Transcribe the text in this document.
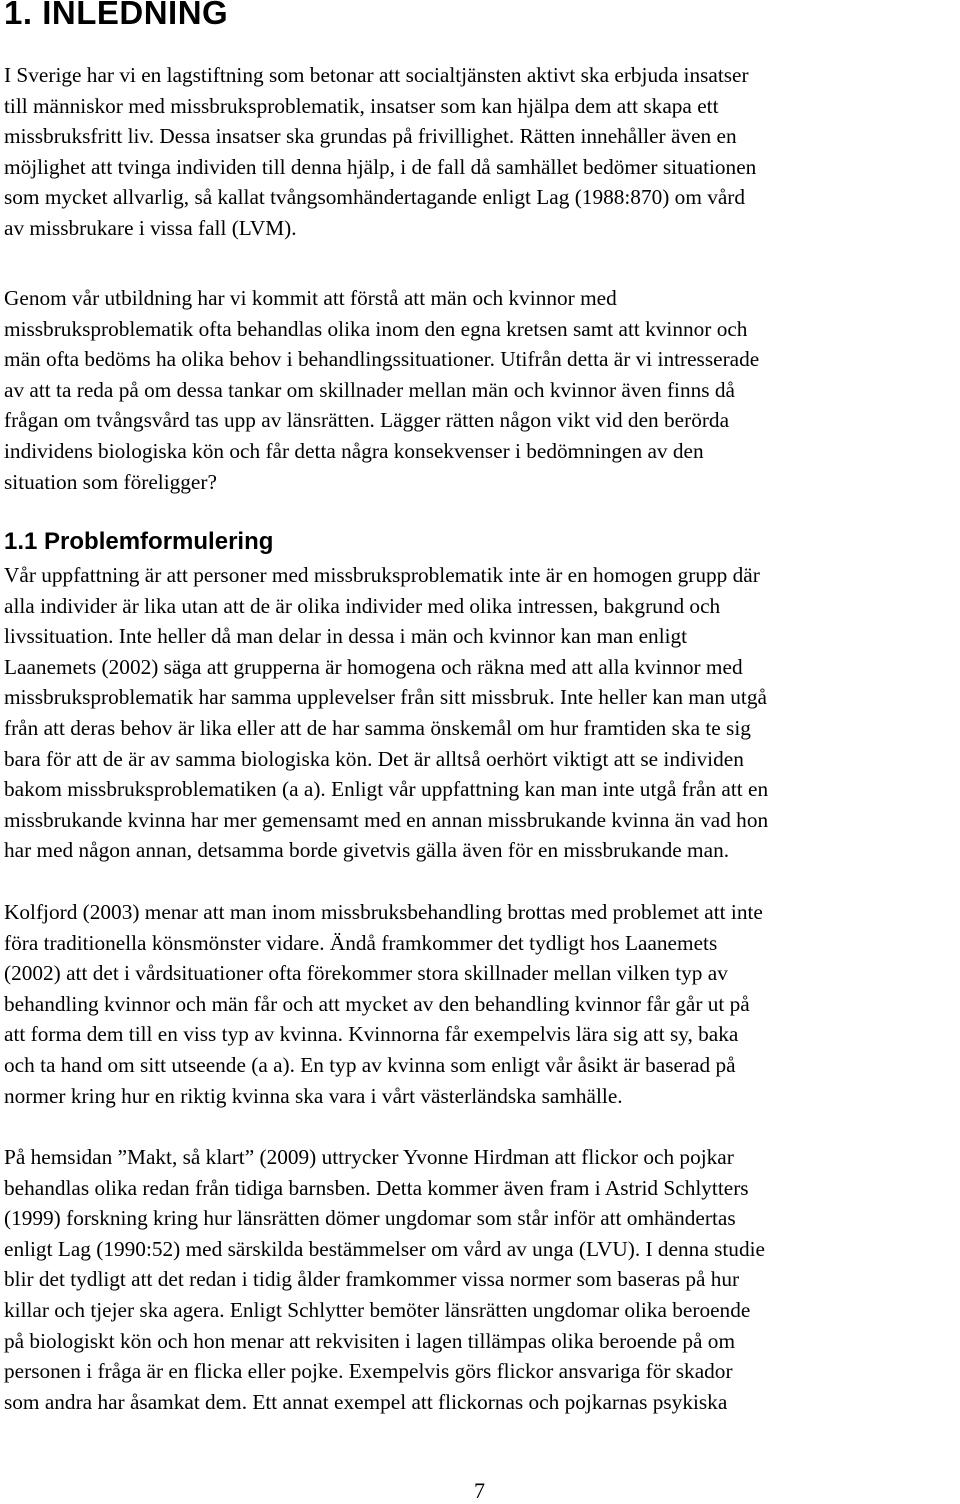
1. INLEDNING

I Sverige har vi en lagstiftning som betonar att socialtjänsten aktivt ska erbjuda insatser
till människor med missbruksproblematik, insatser som kan hjälpa dem att skapa ett
missbruksfritt liv. Dessa insatser ska grundas på frivillighet. Rätten innehåller även en
möjlighet att tvinga individen till denna hjälp, i de fall då samhället bedömer situationen
som mycket allvarlig, så kallat tvångsomhändertagande enligt Lag (1988:870) om vård
av missbrukare i vissa fall (LVM).

Genom vår utbildning har vi kommit att förstå att män och kvinnor med
missbruksproblematik ofta behandlas olika inom den egna kretsen samt att kvinnor och
män ofta bedöms ha olika behov i behandlingssituationer. Utifrån detta är vi intresserade
av att ta reda på om dessa tankar om skillnader mellan män och kvinnor även finns då
frågan om tvångsvård tas upp av länsrätten. Lägger rätten någon vikt vid den berörda
individens biologiska kön och får detta några konsekvenser i bedömningen av den
situation som föreligger?

1.1 Problemformulering

Vår uppfattning är att personer med missbruksproblematik inte är en homogen grupp där
alla individer är lika utan att de är olika individer med olika intressen, bakgrund och
livssituation. Inte heller då man delar in dessa i män och kvinnor kan man enligt
Laanemets (2002) säga att grupperna är homogena och räkna med att alla kvinnor med
missbruksproblematik har samma upplevelser från sitt missbruk. Inte heller kan man utgå
från att deras behov är lika eller att de har samma önskemål om hur framtiden ska te sig
bara för att de är av samma biologiska kön. Det är alltså oerhört viktigt att se individen
bakom missbruksproblematiken (a a). Enligt vår uppfattning kan man inte utgå från att en
missbrukande kvinna har mer gemensamt med en annan missbrukande kvinna än vad hon
har med någon annan, detsamma borde givetvis gälla även för en missbrukande man.

Kolfjord (2003) menar att man inom missbruksbehandling brottas med problemet att inte
föra traditionella könsmönster vidare. Ändå framkommer det tydligt hos Laanemets
(2002) att det i vårdsituationer ofta förekommer stora skillnader mellan vilken typ av
behandling kvinnor och män får och att mycket av den behandling kvinnor får går ut på
att forma dem till en viss typ av kvinna. Kvinnorna får exempelvis lära sig att sy, baka
och ta hand om sitt utseende (a a). En typ av kvinna som enligt vår åsikt är baserad på
normer kring hur en riktig kvinna ska vara i vårt västerländska samhälle.

På hemsidan ”Makt, så klart” (2009) uttrycker Yvonne Hirdman att flickor och pojkar
behandlas olika redan från tidiga barnsben. Detta kommer även fram i Astrid Schlytters
(1999) forskning kring hur länsrätten dömer ungdomar som står inför att omhändertas
enligt Lag (1990:52) med särskilda bestämmelser om vård av unga (LVU). I denna studie
blir det tydligt att det redan i tidig ålder framkommer vissa normer som baseras på hur
killar och tjejer ska agera. Enligt Schlytter bemöter länsrätten ungdomar olika beroende
på biologiskt kön och hon menar att rekvisiten i lagen tillämpas olika beroende på om
personen i fråga är en flicka eller pojke. Exempelvis görs flickor ansvariga för skador
som andra har åsamkat dem. Ett annat exempel att flickornas och pojkarnas psykiska

7
